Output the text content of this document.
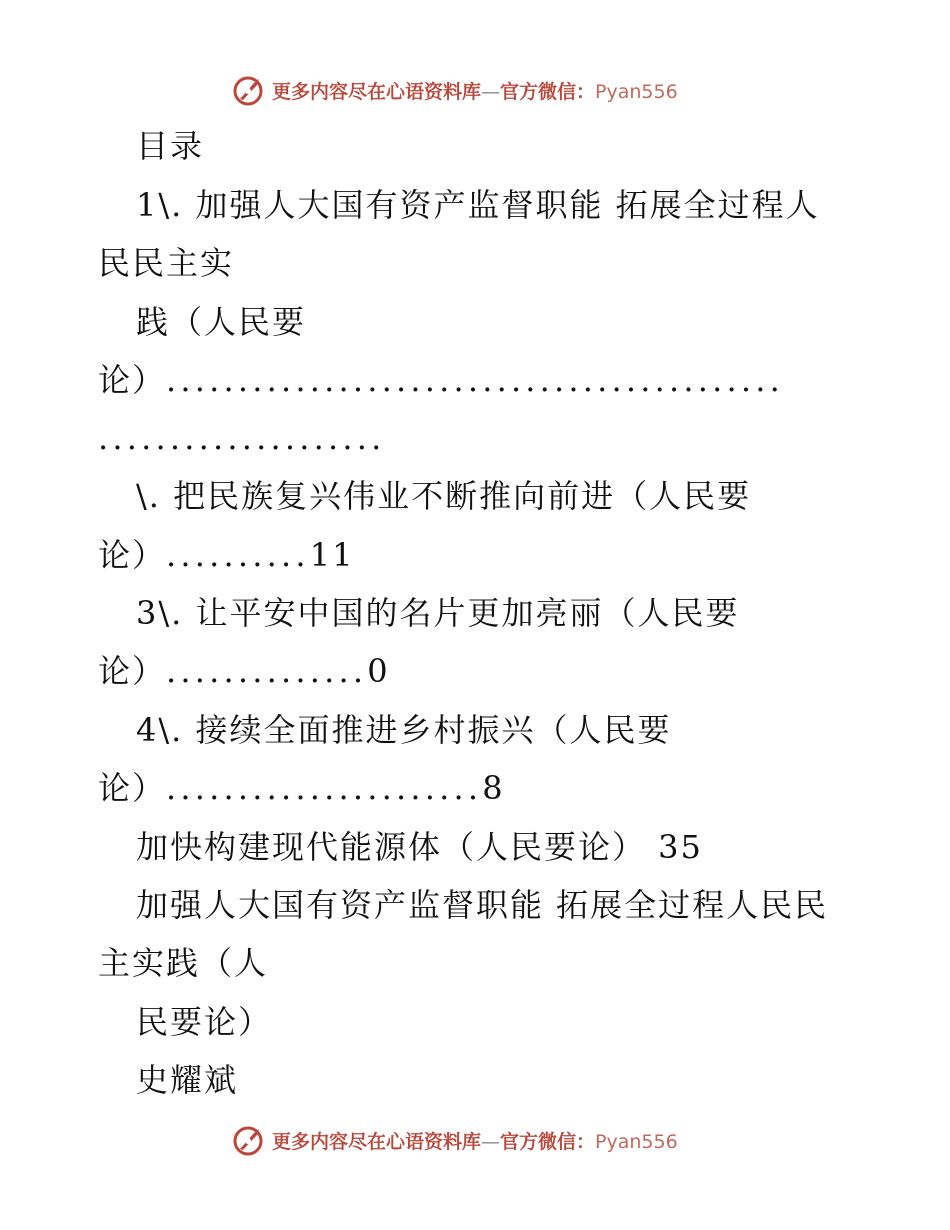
更多内容尽在心语资料库—官方微信：Pyan556
目录
1\. 加强人大国有资产监督职能 拓展全过程人
民民主实
践（人民要
论）...........................................
....................
\. 把民族复兴伟业不断推向前进（人民要
论）..........11
3\. 让平安中国的名片更加亮丽（人民要
论）..............0
4\. 接续全面推进乡村振兴（人民要
论）......................8
加快构建现代能源体（人民要论） 35
加强人大国有资产监督职能 拓展全过程人民民
主实践（人
民要论）
史耀斌
更多内容尽在心语资料库—官方微信：Pyan556
